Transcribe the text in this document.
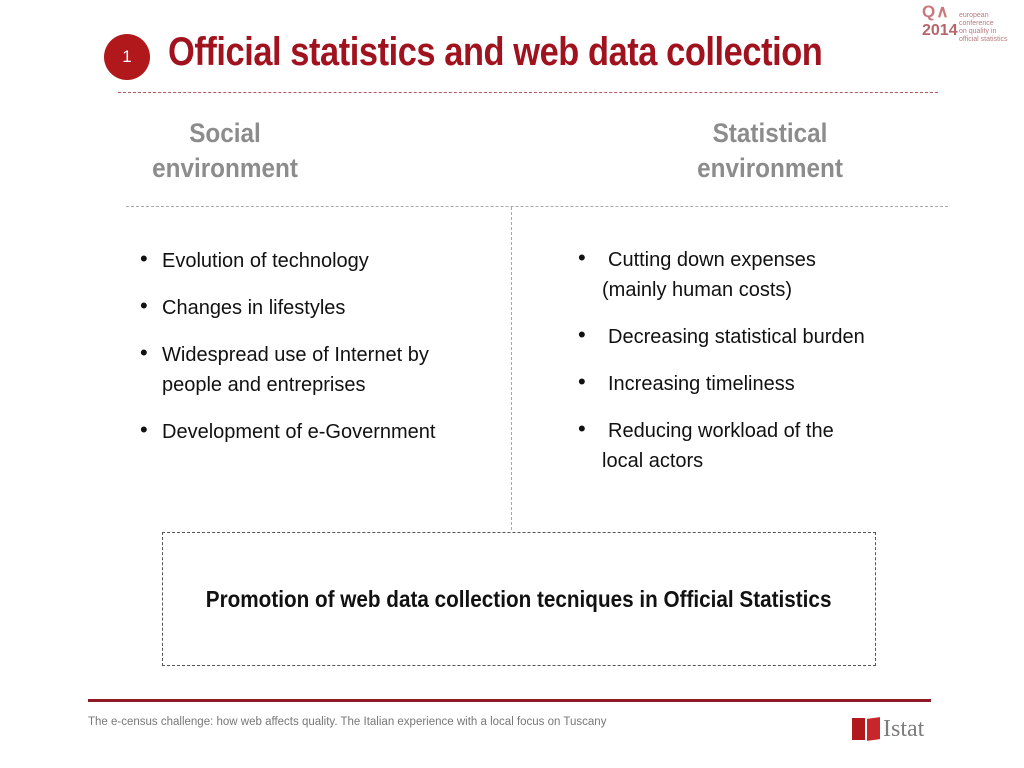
1 Official statistics and web data collection
Q∧
2014
european conference
on quality in
official statistics
Social
environment
Statistical
environment
• Evolution of technology
• Changes in lifestyles
• Widespread use of Internet by
people and entreprises
• Development of e-Government
• Cutting down expenses
(mainly human costs)
• Decreasing statistical burden
• Increasing timeliness
• Reducing workload of the
local actors
Promotion of web data collection tecniques in Official Statistics
The e-census challenge: how web affects quality. The Italian experience with a local focus on Tuscany	Istat
